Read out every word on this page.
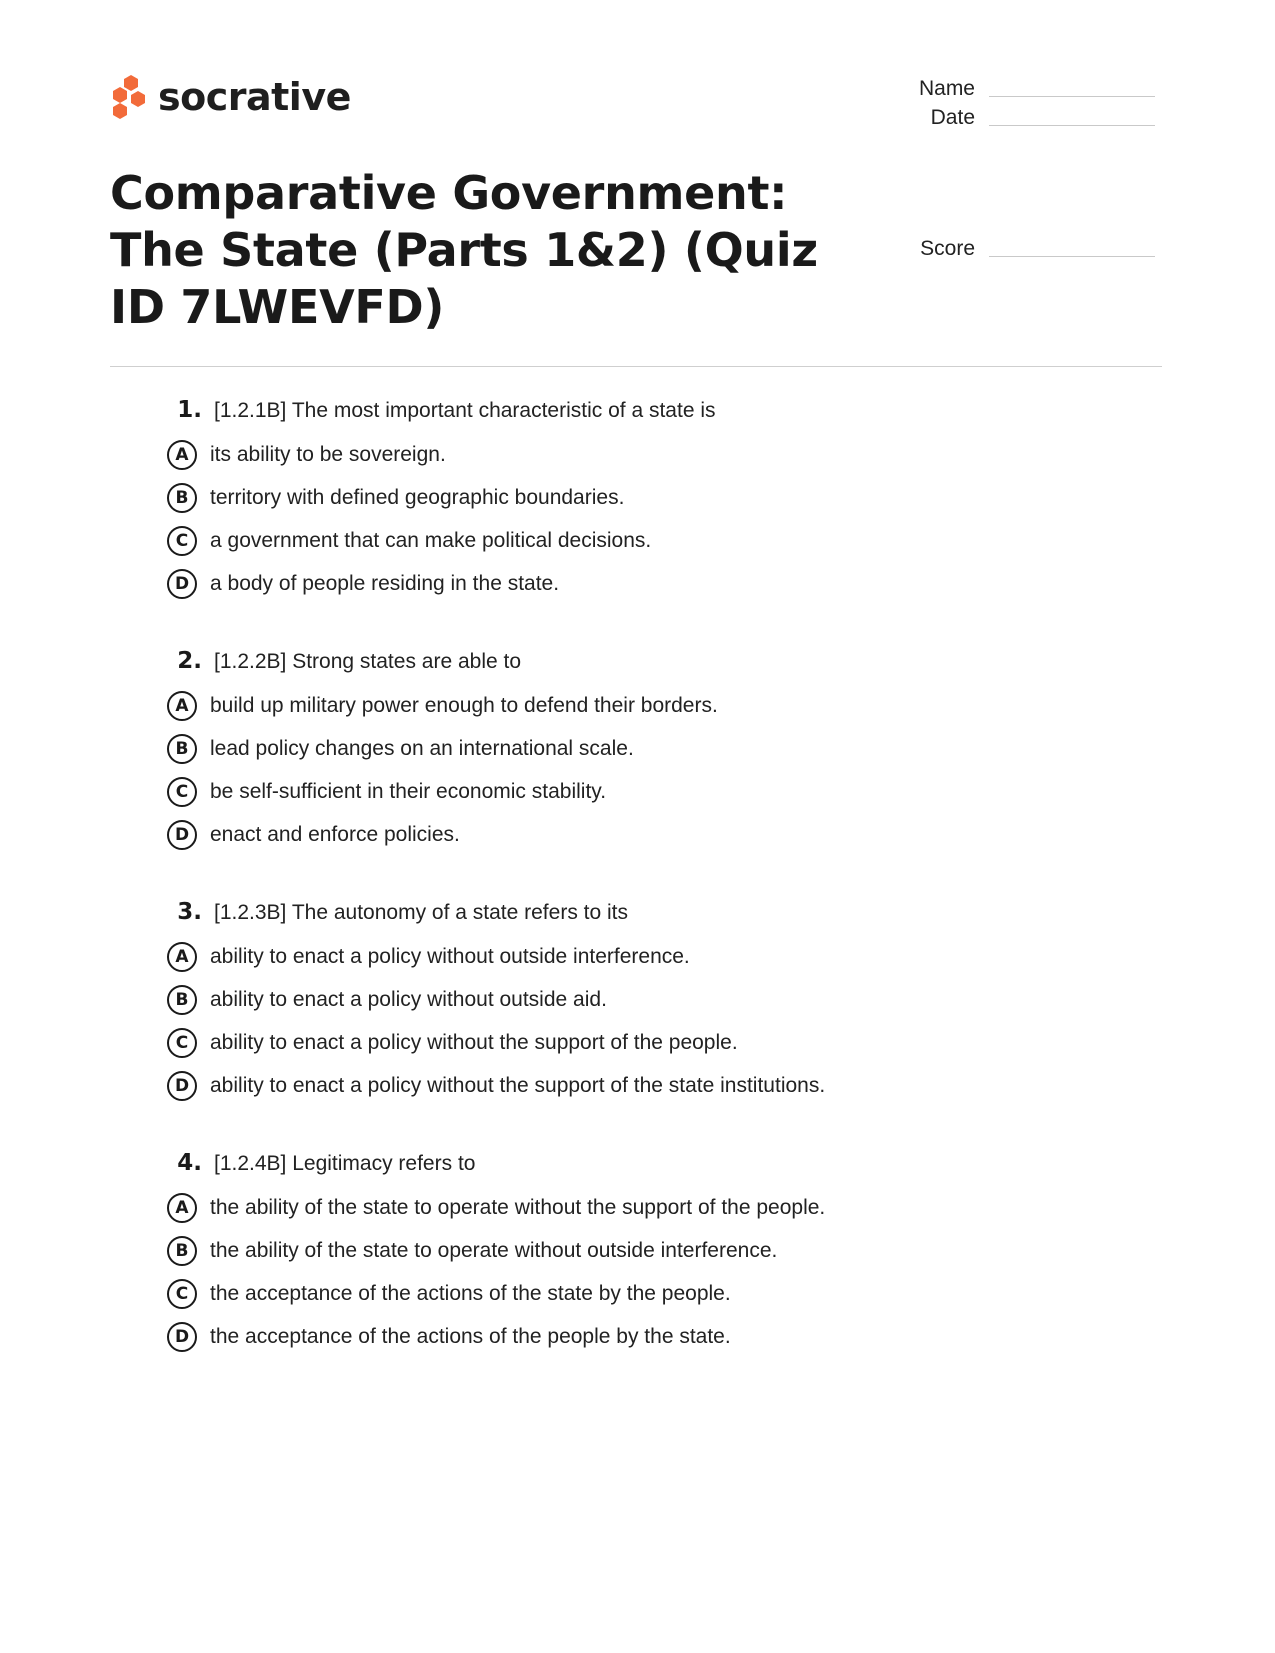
socrative	Name
Date
Score
Comparative Government: The State (Parts 1&2) (Quiz ID 7LWEVFD)
1. [1.2.1B] The most important characteristic of a state is
A	its ability to be sovereign.
B	territory with defined geographic boundaries.
C	a government that can make political decisions.
D a body of people residing in the state.
2. [1.2.2B] Strong states are able to
A	build up military power enough to defend their borders.
B	lead policy changes on an international scale.
C	be self-sufficient in their economic stability.
D enact and enforce policies.
3. [1.2.3B] The autonomy of a state refers to its
A	ability to enact a policy without outside interference.
B	ability to enact a policy without outside aid.
C	ability to enact a policy without the support of the people.
D ability to enact a policy without the support of the state institutions.
4. [1.2.4B] Legitimacy refers to
A	the ability of the state to operate without the support of the people.
B	the ability of the state to operate without outside interference.
C	the acceptance of the actions of the state by the people.
D the acceptance of the actions of the people by the state.
